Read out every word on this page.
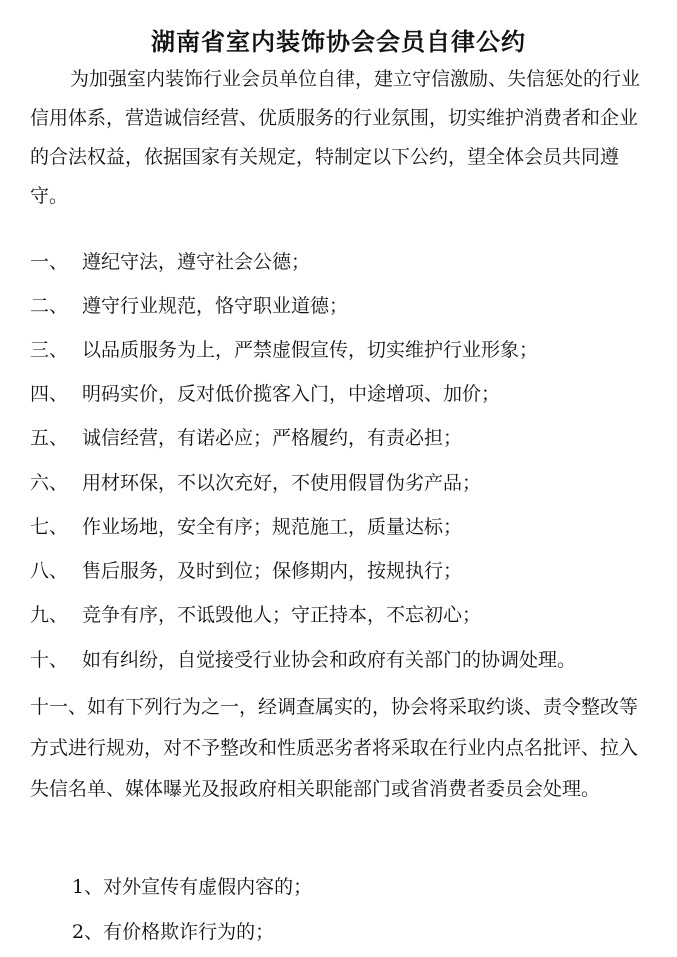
湖南省室内装饰协会会员自律公约

为加强室内装饰行业会员单位自律，建立守信激励、失信惩处的行业信用体系，营造诚信经营、优质服务的行业氛围，切实维护消费者和企业的合法权益，依据国家有关规定，特制定以下公约，望全体会员共同遵守。

一、 遵纪守法，遵守社会公德；
二、 遵守行业规范，恪守职业道德；
三、 以品质服务为上，严禁虚假宣传，切实维护行业形象；
四、 明码实价，反对低价揽客入门，中途增项、加价；
五、 诚信经营，有诺必应；严格履约，有责必担；
六、 用材环保，不以次充好，不使用假冒伪劣产品；
七、 作业场地，安全有序；规范施工，质量达标；
八、 售后服务，及时到位；保修期内，按规执行；
九、 竞争有序，不诋毁他人；守正持本，不忘初心；
十、 如有纠纷，自觉接受行业协会和政府有关部门的协调处理。

十一、如有下列行为之一，经调查属实的，协会将采取约谈、责令整改等方式进行规劝，对不予整改和性质恶劣者将采取在行业内点名批评、拉入失信名单、媒体曝光及报政府相关职能部门或省消费者委员会处理。

1、对外宣传有虚假内容的；
2、有价格欺诈行为的；
